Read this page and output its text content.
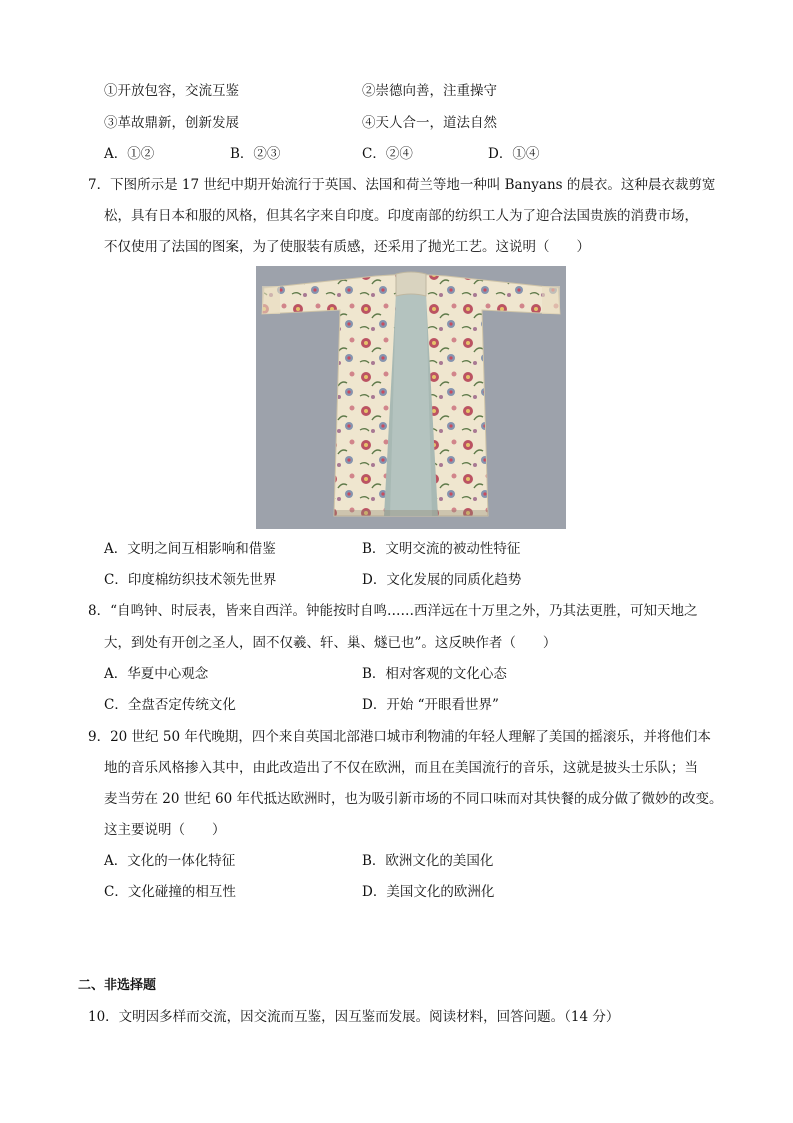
①开放包容，交流互鉴	②崇德向善，注重操守
③革故鼎新，创新发展	④天人合一，道法自然
A．①②	B．②③	C．②④	D．①④
7．下图所示是 17 世纪中期开始流行于英国、法国和荷兰等地一种叫 Banyans 的晨衣。这种晨衣裁剪宽
松，具有日本和服的风格，但其名字来自印度。印度南部的纺织工人为了迎合法国贵族的消费市场，
不仅使用了法国的图案，为了使服装有质感，还采用了抛光工艺。这说明（　　）
A．文明之间互相影响和借鉴	B．文明交流的被动性特征
C．印度棉纺织技术领先世界	D．文化发展的同质化趋势
8．“自鸣钟、时辰表，皆来自西洋。钟能按时自鸣……西洋远在十万里之外，乃其法更胜，可知天地之
大，到处有开创之圣人，固不仅羲、轩、巢、燧已也”。这反映作者（　　）
A．华夏中心观念	B．相对客观的文化心态
C．全盘否定传统文化	D．开始 “开眼看世界”
9．20 世纪 50 年代晚期，四个来自英国北部港口城市利物浦的年轻人理解了美国的摇滚乐，并将他们本
地的音乐风格掺入其中，由此改造出了不仅在欧洲，而且在美国流行的音乐，这就是披头士乐队；当
麦当劳在 20 世纪 60 年代抵达欧洲时，也为吸引新市场的不同口味而对其快餐的成分做了微妙的改变。
这主要说明（　　）
A．文化的一体化特征	B．欧洲文化的美国化
C．文化碰撞的相互性	D．美国文化的欧洲化
二、非选择题
10．文明因多样而交流，因交流而互鉴，因互鉴而发展。阅读材料，回答问题。（14 分）
